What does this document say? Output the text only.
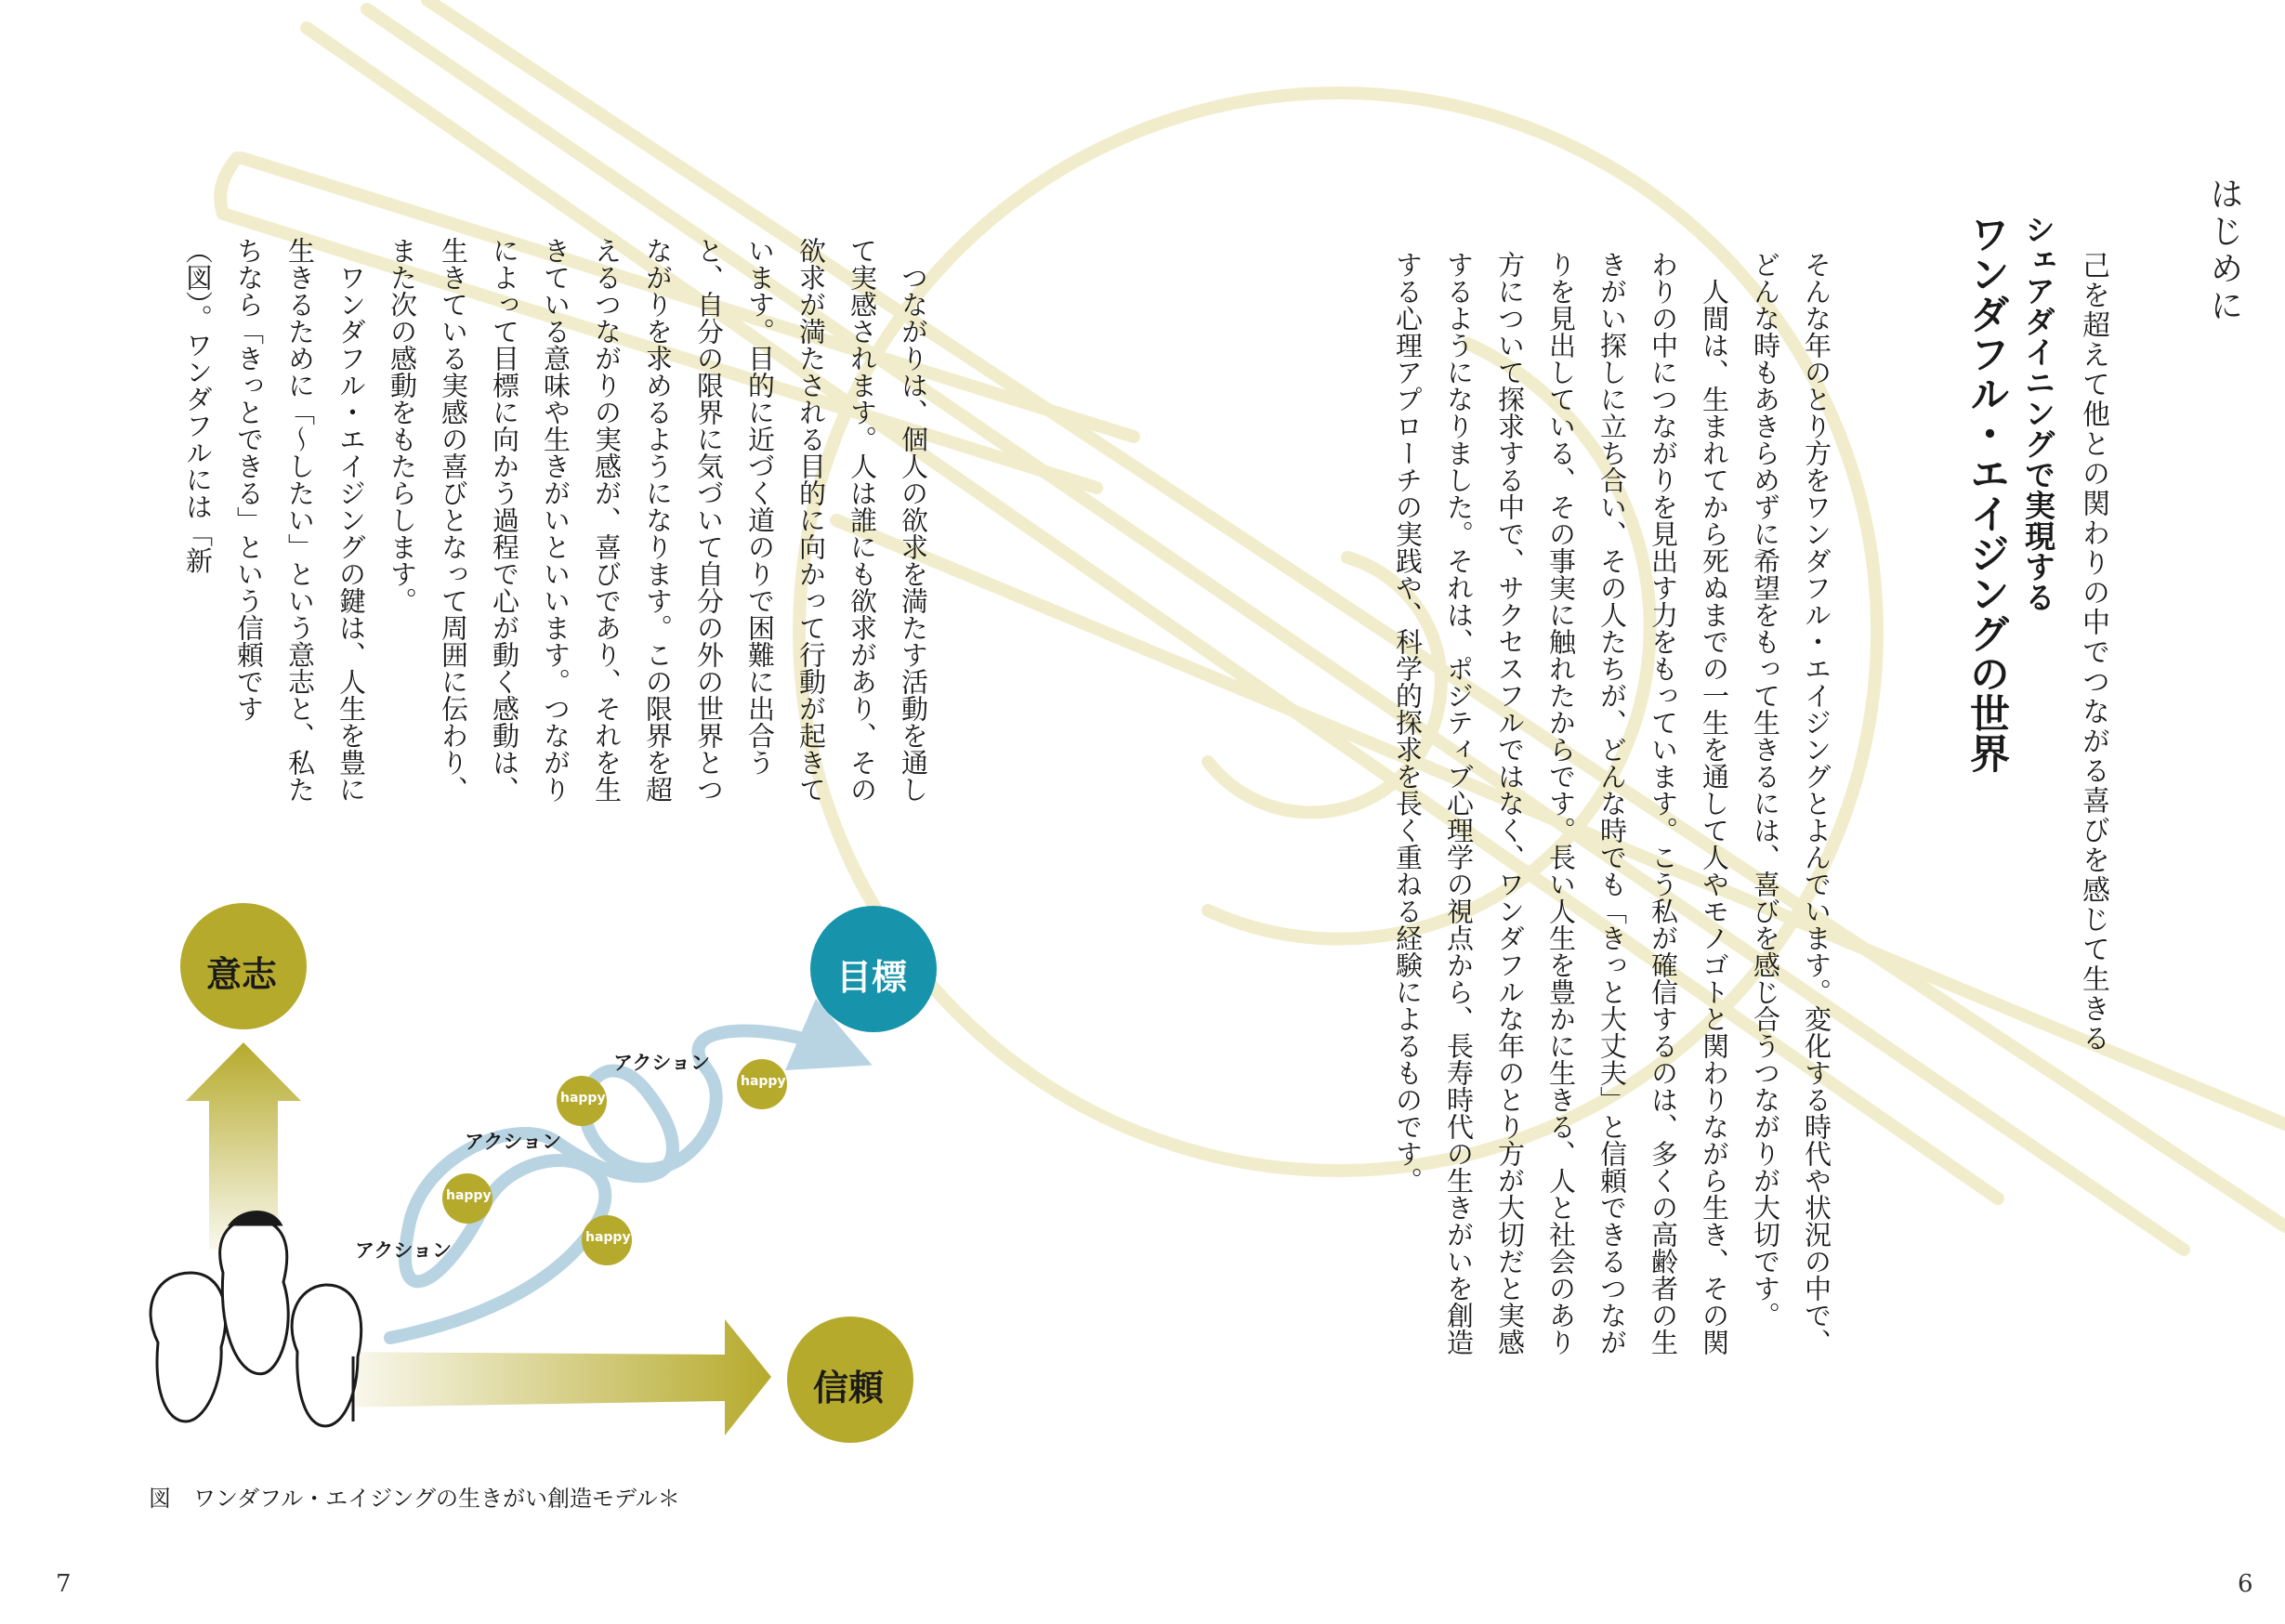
はじめに
己を超えて他との関わりの中でつながる喜びを感じて生きる
シェアダイニングで実現する
ワンダフル・エイジングの世界
そんな年のとり方をワンダフル・エイジングとよんでいます。変化する時代や状況の中で、どんな時もあきらめずに希望をもって生きるには、喜びを感じ合うつながりが大切です。
　人間は、生まれてから死ぬまでの一生を通して人やモノゴトと関わりながら生き、その関わりの中につながりを見出す力をもっています。こう私が確信するのは、多くの高齢者の生きがい探しに立ち合い、その人たちが、どんな時でも「きっと大丈夫」と信頼できるつながりを見出している、その事実に触れたからです。長い人生を豊かに生きる、人と社会のあり方について探求する中で、サクセスフルではなく、ワンダフルな年のとり方が大切だと実感するようになりました。それは、ポジティブ心理学の視点から、長寿時代の生きがいを創造する心理アプローチの実践や、科学的探求を長く重ねる経験によるものです。
6
　つながりは、個人の欲求を満たす活動を通して実感されます。人は誰にも欲求があり、その欲求が満たされる目的に向かって行動が起きています。目的に近づく道のりで困難に出合うと、自分の限界に気づいて自分の外の世界とつながりを求めるようになります。この限界を超えるつながりの実感が、喜びであり、それを生きている意味や生きがいといいます。つながりによって目標に向かう過程で心が動く感動は、生きている実感の喜びとなって周囲に伝わり、また次の感動をもたらします。
　ワンダフル・エイジングの鍵は、人生を豊に生きるために「〜したい」という意志と、私たちなら「きっとできる」という信頼です（図）。ワンダフルには「新
意志	目標
信頼
アクション
アクション
アクション
happy
happy
happy
happy
図　ワンダフル・エイジングの生きがい創造モデル＊
7
